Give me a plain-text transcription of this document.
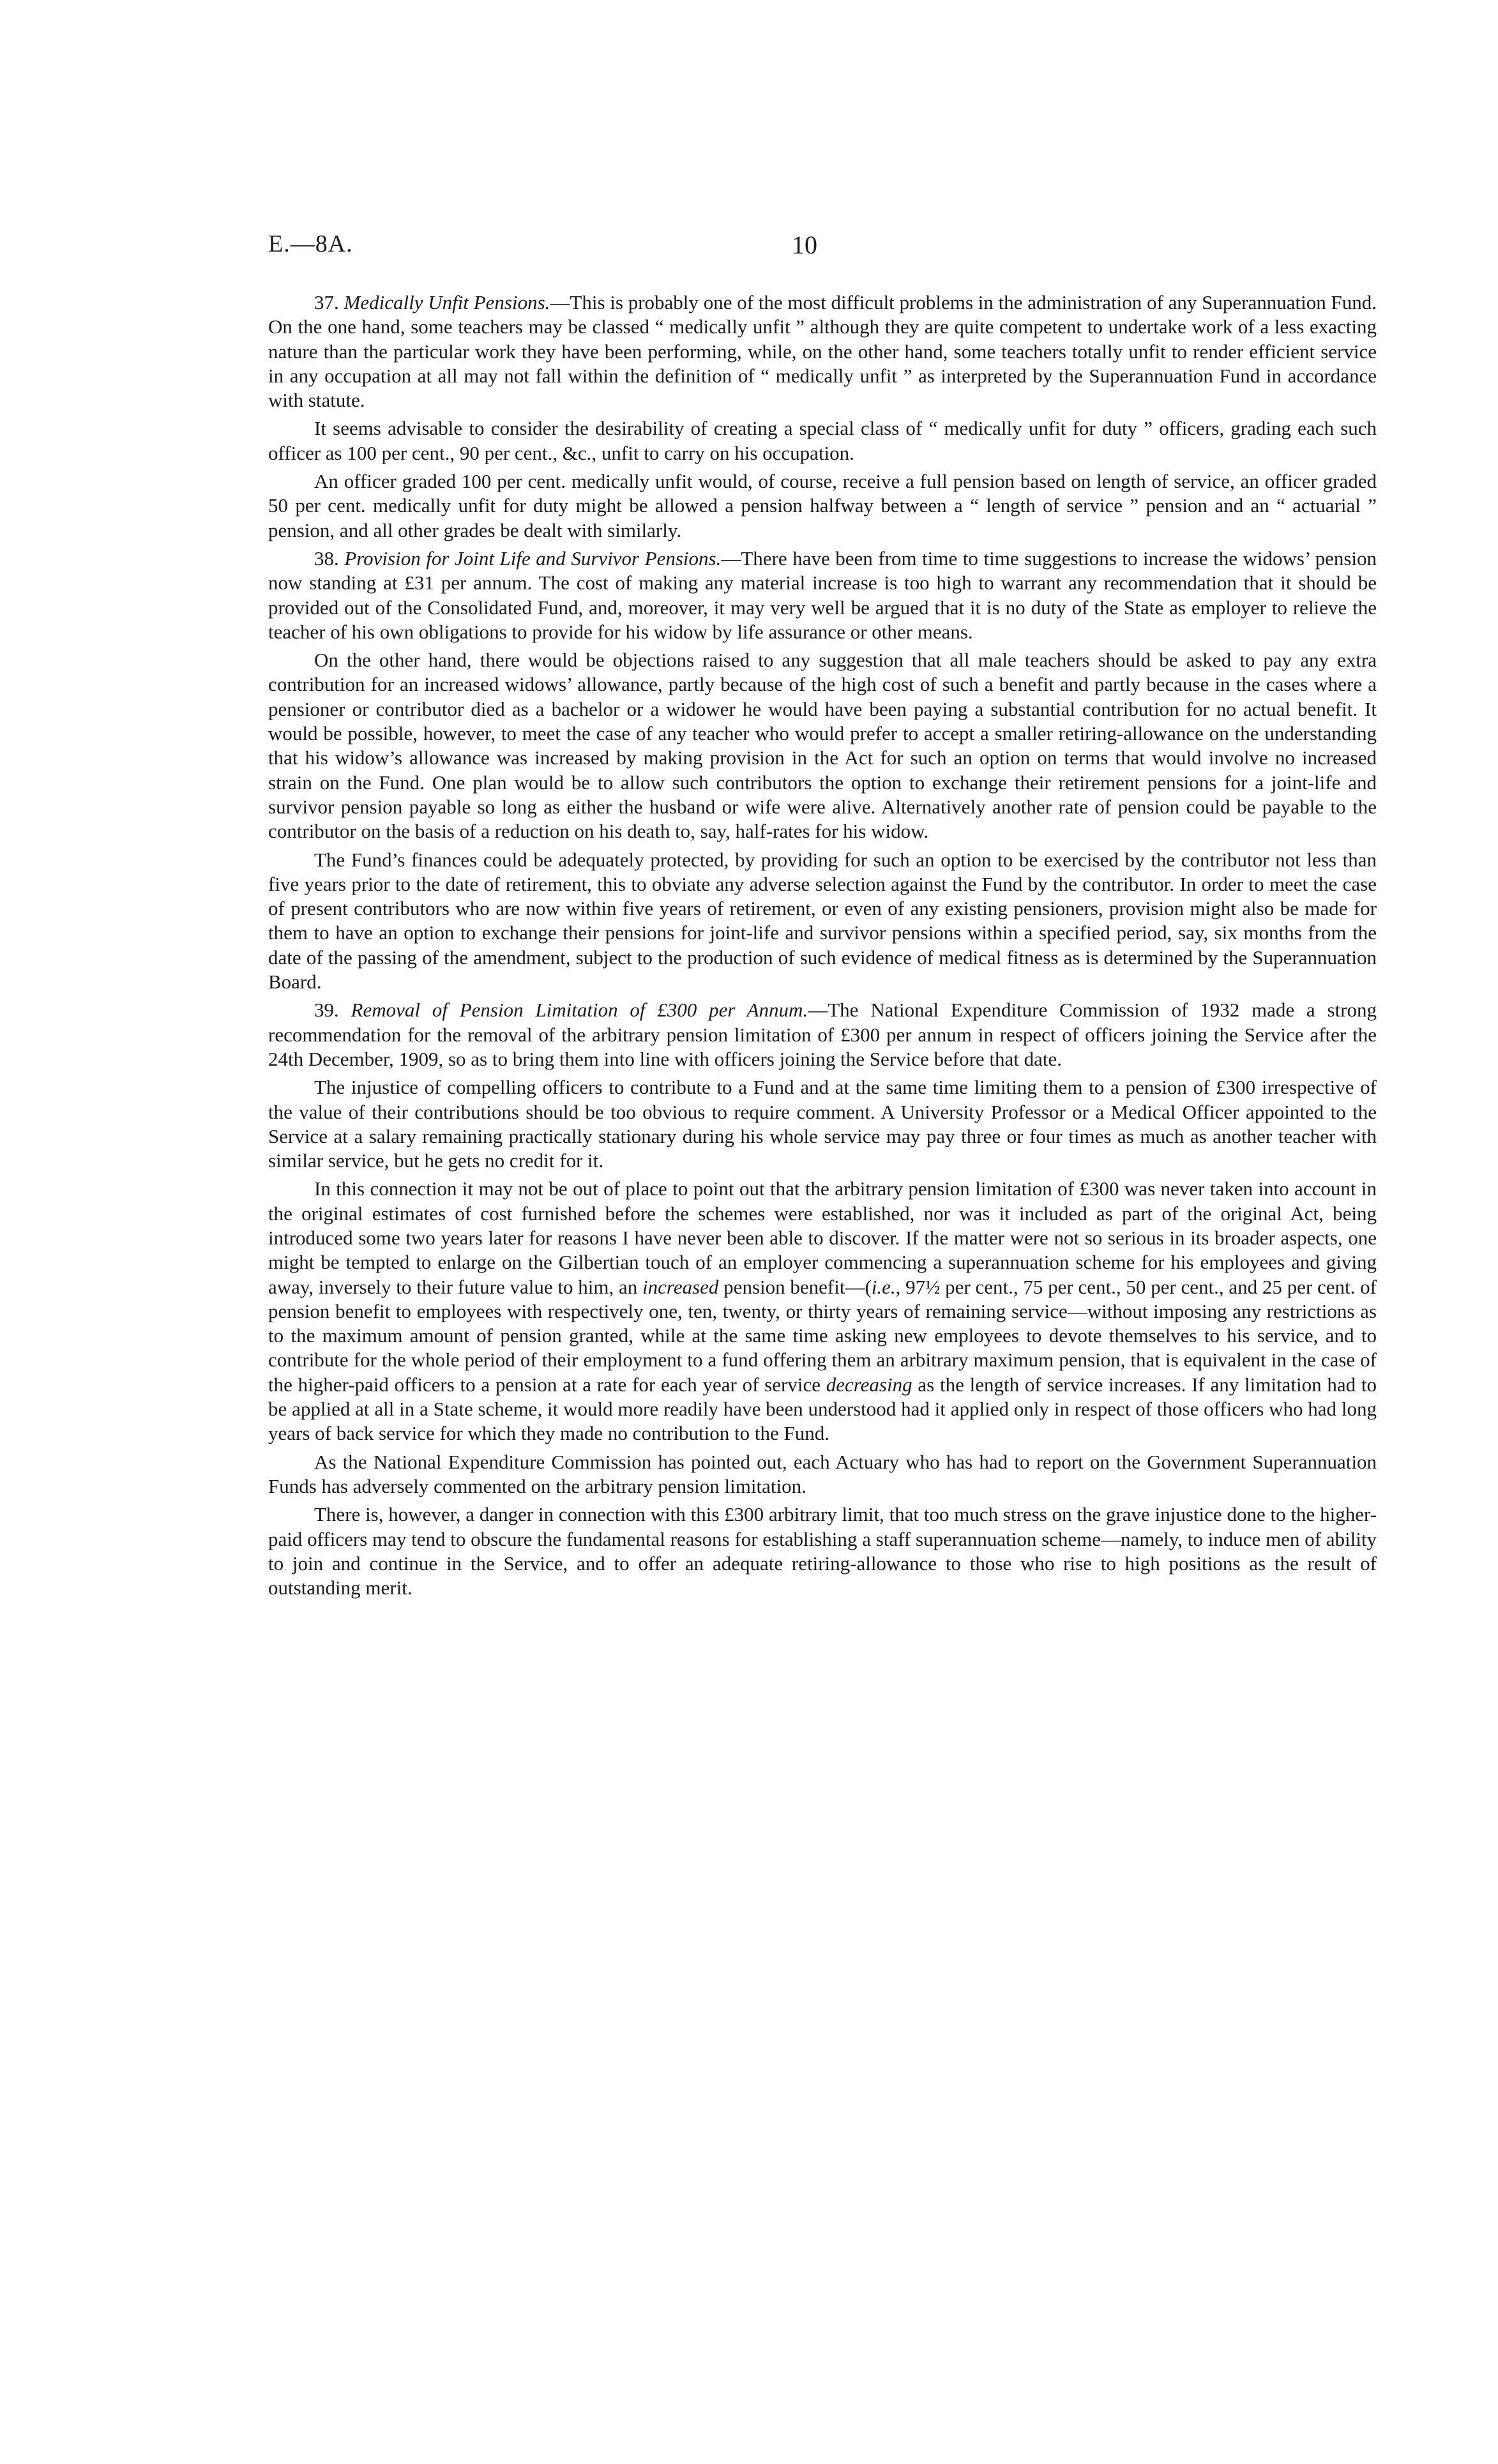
E.—8A.	10

37. Medically Unfit Pensions.—This is probably one of the most difficult problems in the administration of any Superannuation Fund. On the one hand, some teachers may be classed “ medically unfit ” although they are quite competent to undertake work of a less exacting nature than the particular work they have been performing, while, on the other hand, some teachers totally unfit to render efficient service in any occupation at all may not fall within the definition of “ medically unfit ” as interpreted by the Superannuation Fund in accordance with statute.

It seems advisable to consider the desirability of creating a special class of “ medically unfit for duty ” officers, grading each such officer as 100 per cent., 90 per cent., &c., unfit to carry on his occupation.

An officer graded 100 per cent. medically unfit would, of course, receive a full pension based on length of service, an officer graded 50 per cent. medically unfit for duty might be allowed a pension halfway between a “ length of service ” pension and an “ actuarial ” pension, and all other grades be dealt with similarly.

38. Provision for Joint Life and Survivor Pensions.—There have been from time to time suggestions to increase the widows’ pension now standing at £31 per annum. The cost of making any material increase is too high to warrant any recommendation that it should be provided out of the Consolidated Fund, and, moreover, it may very well be argued that it is no duty of the State as employer to relieve the teacher of his own obligations to provide for his widow by life assurance or other means.

On the other hand, there would be objections raised to any suggestion that all male teachers should be asked to pay any extra contribution for an increased widows’ allowance, partly because of the high cost of such a benefit and partly because in the cases where a pensioner or contributor died as a bachelor or a widower he would have been paying a substantial contribution for no actual benefit. It would be possible, however, to meet the case of any teacher who would prefer to accept a smaller retiring-allowance on the understanding that his widow’s allowance was increased by making provision in the Act for such an option on terms that would involve no increased strain on the Fund. One plan would be to allow such contributors the option to exchange their retirement pensions for a joint-life and survivor pension payable so long as either the husband or wife were alive. Alternatively another rate of pension could be payable to the contributor on the basis of a reduction on his death to, say, half-rates for his widow.

The Fund’s finances could be adequately protected, by providing for such an option to be exercised by the contributor not less than five years prior to the date of retirement, this to obviate any adverse selection against the Fund by the contributor. In order to meet the case of present contributors who are now within five years of retirement, or even of any existing pensioners, provision might also be made for them to have an option to exchange their pensions for joint-life and survivor pensions within a specified period, say, six months from the date of the passing of the amendment, subject to the production of such evidence of medical fitness as is determined by the Superannuation Board.

39. Removal of Pension Limitation of £300 per Annum.—The National Expenditure Commission of 1932 made a strong recommendation for the removal of the arbitrary pension limitation of £300 per annum in respect of officers joining the Service after the 24th December, 1909, so as to bring them into line with officers joining the Service before that date.

The injustice of compelling officers to contribute to a Fund and at the same time limiting them to a pension of £300 irrespective of the value of their contributions should be too obvious to require comment. A University Professor or a Medical Officer appointed to the Service at a salary remaining practically stationary during his whole service may pay three or four times as much as another teacher with similar service, but he gets no credit for it.

In this connection it may not be out of place to point out that the arbitrary pension limitation of £300 was never taken into account in the original estimates of cost furnished before the schemes were established, nor was it included as part of the original Act, being introduced some two years later for reasons I have never been able to discover. If the matter were not so serious in its broader aspects, one might be tempted to enlarge on the Gilbertian touch of an employer commencing a superannuation scheme for his employees and giving away, inversely to their future value to him, an increased pension benefit—(i.e., 97½ per cent., 75 per cent., 50 per cent., and 25 per cent. of pension benefit to employees with respectively one, ten, twenty, or thirty years of remaining service—without imposing any restrictions as to the maximum amount of pension granted, while at the same time asking new employees to devote themselves to his service, and to contribute for the whole period of their employment to a fund offering them an arbitrary maximum pension, that is equivalent in the case of the higher-paid officers to a pension at a rate for each year of service decreasing as the length of service increases. If any limitation had to be applied at all in a State scheme, it would more readily have been understood had it applied only in respect of those officers who had long years of back service for which they made no contribution to the Fund.

As the National Expenditure Commission has pointed out, each Actuary who has had to report on the Government Superannuation Funds has adversely commented on the arbitrary pension limitation.

There is, however, a danger in connection with this £300 arbitrary limit, that too much stress on the grave injustice done to the higher-paid officers may tend to obscure the fundamental reasons for establishing a staff superannuation scheme—namely, to induce men of ability to join and continue in the Service, and to offer an adequate retiring-allowance to those who rise to high positions as the result of outstanding merit.
